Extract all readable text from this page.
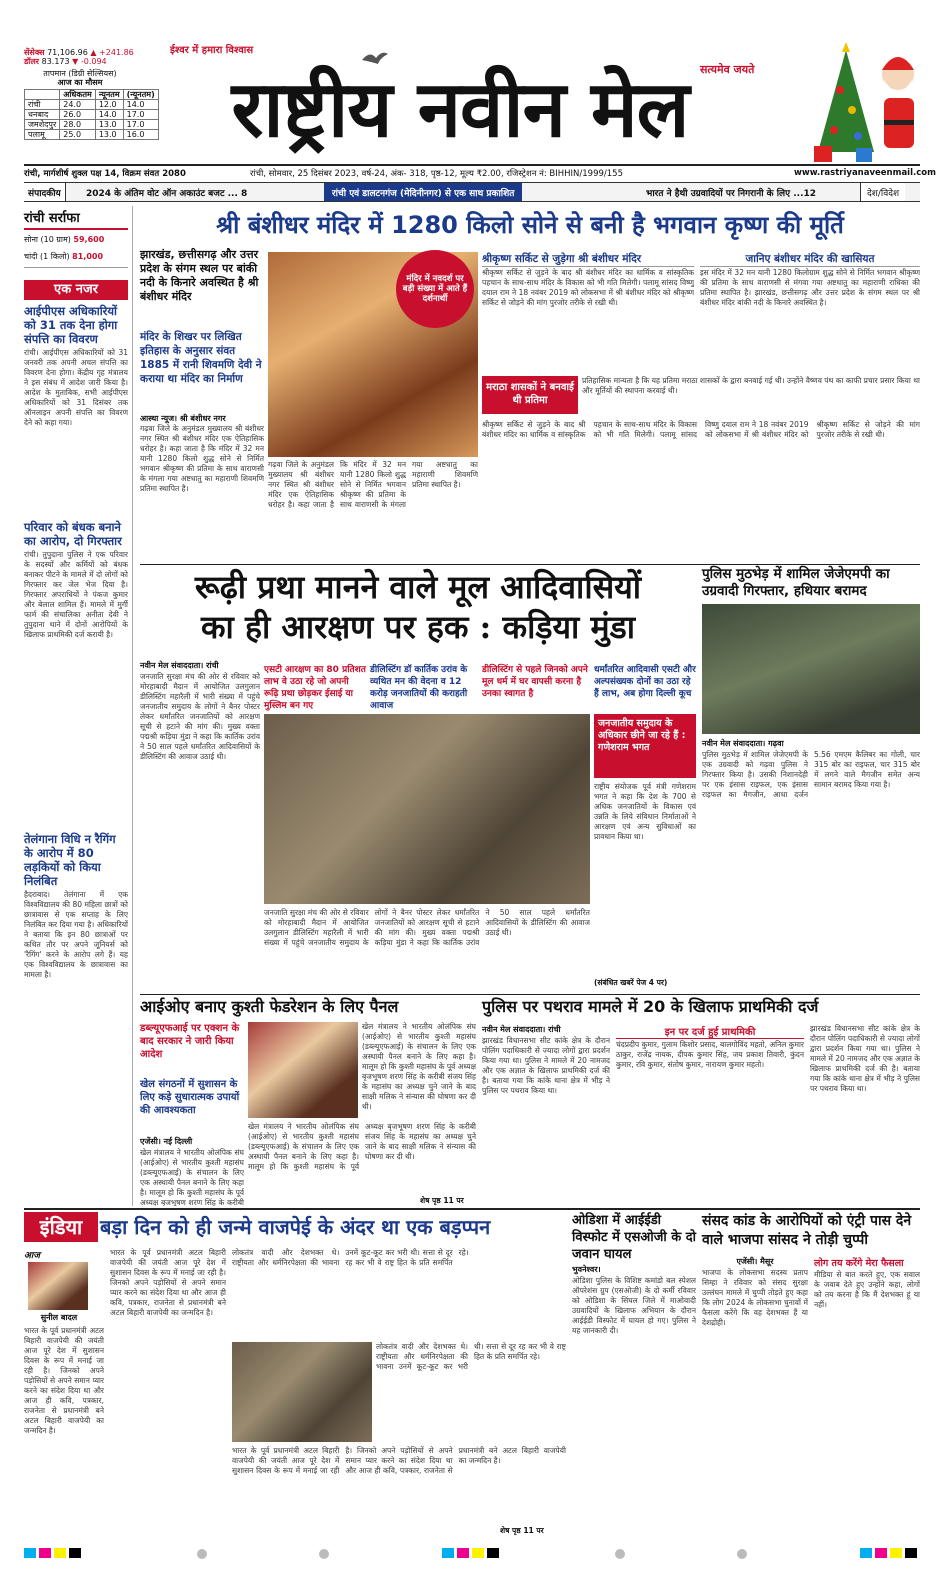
सेंसेक्स 71,106.96 ▲ +241.86
डॉलर 83.173 ▼ -0.094
तापमान (डिग्री सेल्सियस)
आज का मौसम
	अधिकतम	न्यूनतम	(न्यूनतम)
रांची	24.0	12.0	14.0
धनबाद	26.0	14.0	17.0
जमशेदपुर	28.0	13.0	17.0
पलामू	25.0	13.0	16.0
ईश्वर में हमारा विश्वास
राष्ट्रीय नवीन मेल	सत्यमेव जयते
रांची, मार्गशीर्ष शुक्ल पक्ष 14, विक्रम संवत 2080	रांची, सोमवार, 25 दिसंबर 2023, वर्ष-24, अंक- 318, पृष्ठ-12, मूल्य ₹2.00, रजिस्ट्रेशन नं: BIHHIN/1999/155	www.rastriyanaveenmail.com
संपादकीय	2024 के अंतिम वोट ऑन अकाउंट बजट ... 8	रांची एवं डालटनगंज (मेदिनीनगर) से एक साथ प्रकाशित	भारत ने हैथी उग्रवादियों पर निगरानी के लिए ...12	देश/विदेश
रांची सर्राफा
सोना (10 ग्राम) 59,600
चांदी (1 किलो) 81,000
एक नजर
आईपीएस अधिकारियों को 31 तक देना होगा संपत्ति का विवरण
रांची। आईपीएस अधिकारियों को 31 जनवरी तक अपनी अचल संपत्ति का विवरण देना होगा। केंद्रीय गृह मंत्रालय ने इस संबंध में आदेश जारी किया है। आदेश के मुताबिक, सभी आईपीएस अधिकारियों को 31 दिसंबर तक ऑनलाइन अपनी संपत्ति का विवरण देने को कहा गया।
परिवार को बंधक बनाने का आरोप, दो गिरफ्तार
रांची। तुपुदाना पुलिस ने एक परिवार के सदस्यों और कर्मियों को बंधक बनाकर पीटने के मामले में दो लोगों को गिरफ्तार कर जेल भेज दिया है। गिरफ्तार अपराधियों ने पंकज कुमार और बेलाल शामिल हैं। मामले में मुर्गी फार्म की संचालिका अनीता देवी ने तुपुदाना थाने में दोनों आरोपियों के खिलाफ प्राथमिकी दर्ज करायी है।
तेलंगाना विधि न रैगिंग के आरोप में 80 लड़कियों को किया निलंबित
हैदराबाद। तेलंगाना में एक विश्वविद्यालय की 80 महिला छात्रों को छात्रावास से एक सप्ताह के लिए निलंबित कर दिया गया है। अधिकारियों ने बताया कि इन 80 छात्राओं पर कथित तौर पर अपने जूनियर्स को 'रैगिंग' करने के आरोप लगे हैं। यह एक विश्वविद्यालय के छात्रावास का मामला है।
श्री बंशीधर मंदिर में 1280 किलो सोने से बनी है भगवान कृष्ण की मूर्ति
झारखंड, छत्तीसगढ़ और उत्तर प्रदेश के संगम स्थल पर बांकी नदी के किनारे अवस्थित है श्री बंशीधर मंदिर
मंदिर के शिखर पर लिखित इतिहास के अनुसार संवत 1885 में रानी शिवमणि देवी ने कराया था मंदिर का निर्माण
आस्था न्यूज। श्री बंशीधर नगर
गढ़वा जिले के अनुमंडल मुख्यालय श्री बंशीधर नगर स्थित श्री बंशीधर मंदिर एक ऐतिहासिक धरोहर है। कहा जाता है कि मंदिर में 32 मन यानी 1280 किलो शुद्ध सोने से निर्मित भगवान श्रीकृष्ण की प्रतिमा के साथ वाराणसी के मंगला गया अष्टधातु का महाराणी शिवमणि प्रतिमा स्थापित है।
मंदिर में नवदर्श पर बड़ी संख्या में आते हैं दर्शनार्थी
गढ़वा जिले के अनुमंडल मुख्यालय श्री बंशीधर नगर स्थित श्री बंशीधर मंदिर एक ऐतिहासिक धरोहर है। कहा जाता है कि मंदिर में 32 मन यानी 1280 किलो शुद्ध सोने से निर्मित भगवान श्रीकृष्ण की प्रतिमा के साथ वाराणसी के मंगला गया अष्टधातु का महाराणी शिवमणि प्रतिमा स्थापित है।
श्रीकृष्ण सर्किट से जुड़ेगा श्री बंशीधर मंदिर
श्रीकृष्ण सर्किट से जुड़ने के बाद श्री बंशीधर मंदिर का धार्मिक व सांस्कृतिक पहचान के साथ-साथ मंदिर के विकास को भी गति मिलेगी। पलामू सांसद विष्णु दयाल राम ने 18 नवंबर 2019 को लोकसभा में श्री बंशीधर मंदिर को श्रीकृष्ण सर्किट से जोड़ने की मांग पुरजोर तरीके से रखी थी।
जानिए बंशीधर मंदिर की खासियत
इस मंदिर में 32 मन यानी 1280 किलोग्राम शुद्ध सोने से निर्मित भगवान श्रीकृष्ण की प्रतिमा के साथ वाराणसी से मंगवा गया अष्टधातु का महाराणी राधिका की प्रतिमा स्थापित है। झारखंड, छत्तीसगढ़ और उत्तर प्रदेश के संगम स्थल पर श्री बंशीधर मंदिर बांकी नदी के किनारे अवस्थित है।
मराठा शासकों ने बनवाई थी प्रतिमा
प्रतिहासिक मान्यता है कि यह प्रतिमा मराठा शासकों के द्वारा बनवाई गई थी। उन्होंने वैष्णव पंथ का काफी प्रचार प्रसार किया था और मूर्तियों की स्थापना करवाई थी।
श्रीकृष्ण सर्किट से जुड़ने के बाद श्री बंशीधर मंदिर का धार्मिक व सांस्कृतिक पहचान के साथ-साथ मंदिर के विकास को भी गति मिलेगी। पलामू सांसद विष्णु दयाल राम ने 18 नवंबर 2019 को लोकसभा में श्री बंशीधर मंदिर को श्रीकृष्ण सर्किट से जोड़ने की मांग पुरजोर तरीके से रखी थी।
रूढ़ी प्रथा मानने वाले मूल आदिवासियों
का ही आरक्षण पर हक : कड़िया मुंडा
नवीन मेल संवाददाता। रांची
जनजाति सुरक्षा मंच की ओर से रविवार को मोरहाबादी मैदान में आयोजित उलगुलान डीलिस्टिंग महारैली में भारी संख्या में पहुंचे जनजातीय समुदाय के लोगों ने बैनर पोस्टर लेकर धर्मांतरित जनजातियों को आरक्षण सूची से हटाने की मांग की। मुख्य वक्ता पद्मश्री कड़िया मुंडा ने कहा कि कार्तिक उरांव ने 50 साल पहले धर्मांतरित आदिवासियों के डीलिस्टिंग की आवाज उठाई थी।
एसटी आरक्षण का 80 प्रतिशत लाभ वे उठा रहे जो अपनी रूढ़ि प्रथा छोड़कर ईसाई या मुस्लिम बन गए
डीलिस्टिंग डॉ कार्तिक उरांव के व्यथित मन की वेदना व 12 करोड़ जनजातियों की कराहती आवाज
डीलिस्टिंग से पहले जिनको अपने मूल धर्म में घर वापसी करना है उनका स्वागत है
धर्मांतरित आदिवासी एसटी और अल्पसंख्यक दोनों का उठा रहे हैं लाभ, अब होगा दिल्ली कूच
जनजाति सुरक्षा मंच की ओर से रविवार को मोरहाबादी मैदान में आयोजित उलगुलान डीलिस्टिंग महारैली में भारी संख्या में पहुंचे जनजातीय समुदाय के लोगों ने बैनर पोस्टर लेकर धर्मांतरित जनजातियों को आरक्षण सूची से हटाने की मांग की। मुख्य वक्ता पद्मश्री कड़िया मुंडा ने कहा कि कार्तिक उरांव ने 50 साल पहले धर्मांतरित आदिवासियों के डीलिस्टिंग की आवाज उठाई थी।
जनजातीय समुदाय के अधिकार छीने जा रहे हैं : गणेशराम भगत
राष्ट्रीय संयोजक पूर्व मंत्री गणेशराम भगत ने कहा कि देश के 700 से अधिक जनजातियों के विकास एवं उन्नति के लिये संविधान निर्माताओं ने आरक्षण एवं अन्य सुविधाओं का प्रावधान किया था।
(संबंधित खबरें पेज 4 पर)
पुलिस मुठभेड़ में शामिल जेजेएमपी का उग्रवादी गिरफ्तार, हथियार बरामद
नवीन मेल संवाददाता। गढ़वा
पुलिस मुठभेड़ में शामिल जेजेएमपी के एक उग्रवादी को गढ़वा पुलिस ने गिरफ्तार किया है। उसकी निशानदेही पर एक इंसास राइफल, एक इंसास राइफल का मैगजीन, आधा दर्जन 5.56 एमएम कैलिबर का गोली, चार 315 बोर का राइफल, चार 315 बोर में लगने वाले मैगजीन समेत अन्य सामान बरामद किया गया है।
आईओए बनाए कुश्ती फेडरेशन के लिए पैनल
डब्ल्यूएफआई पर एक्शन के बाद सरकार ने जारी किया आदेश
खेल संगठनों में सुशासन के लिए कड़े सुधारात्मक उपायों की आवश्यकता
एजेंसी। नई दिल्ली
खेल मंत्रालय ने भारतीय ओलंपिक संघ (आईओए) से भारतीय कुश्ती महासंघ (डब्ल्यूएफआई) के संचालन के लिए एक अस्थायी पैनल बनाने के लिए कहा है। मालूम हो कि कुश्ती महासंघ के पूर्व अध्यक्ष बृजभूषण शरण सिंह के करीबी
खेल मंत्रालय ने भारतीय ओलंपिक संघ (आईओए) से भारतीय कुश्ती महासंघ (डब्ल्यूएफआई) के संचालन के लिए एक अस्थायी पैनल बनाने के लिए कहा है। मालूम हो कि कुश्ती महासंघ के पूर्व अध्यक्ष बृजभूषण शरण सिंह के करीबी संजय सिंह के महासंघ का अध्यक्ष चुने जाने के बाद साक्षी मलिक ने संन्यास की घोषणा कर दी थी।
खेल मंत्रालय ने भारतीय ओलंपिक संघ (आईओए) से भारतीय कुश्ती महासंघ (डब्ल्यूएफआई) के संचालन के लिए एक अस्थायी पैनल बनाने के लिए कहा है। मालूम हो कि कुश्ती महासंघ के पूर्व अध्यक्ष बृजभूषण शरण सिंह के करीबी संजय सिंह के महासंघ का अध्यक्ष चुने जाने के बाद साक्षी मलिक ने संन्यास की घोषणा कर दी थी।
शेष पृष्ठ 11 पर
पुलिस पर पथराव मामले में 20 के खिलाफ प्राथमिकी दर्ज
नवीन मेल संवाददाता। रांची
झारखंड विधानसभा सीट कांके क्षेत्र के दौरान पोलिंग पदाधिकारी से ज्यादा लोगों द्वारा प्रदर्शन किया गया था। पुलिस ने मामले में 20 नामजद और एक अज्ञात के खिलाफ प्राथमिकी दर्ज की है। बताया गया कि कांके थाना क्षेत्र में भीड़ ने पुलिस पर पथराव किया था।
इन पर दर्ज हुई प्राथमिकी
चंदप्रदीप कुमार, गुलाम किशोर प्रसाद, बालगोविंद महतो, अनिल कुमार ठाकुर, राजेंद्र नायक, दीपक कुमार सिंह, जय प्रकाश तिवारी, कुंदन कुमार, रवि कुमार, संतोष कुमार, नारायण कुमार महतो।
झारखंड विधानसभा सीट कांके क्षेत्र के दौरान पोलिंग पदाधिकारी से ज्यादा लोगों द्वारा प्रदर्शन किया गया था। पुलिस ने मामले में 20 नामजद और एक अज्ञात के खिलाफ प्राथमिकी दर्ज की है। बताया गया कि कांके थाना क्षेत्र में भीड़ ने पुलिस पर पथराव किया था।
इंडिया बड़ा दिन को ही जन्मे वाजपेई के अंदर था एक बड़प्पन
आज
सुनील बादल
भारत के पूर्व प्रधानमंत्री अटल बिहारी वाजपेयी की जयंती आज पूरे देश में सुशासन दिवस के रूप में मनाई जा रही है। जिनको अपने पड़ोसियों से अपने समान प्यार करने का संदेश दिया था और आज ही कवि, पत्रकार, राजनेता से प्रधानमंत्री बने अटल बिहारी वाजपेयी का जन्मदिन है।
भारत के पूर्व प्रधानमंत्री अटल बिहारी वाजपेयी की जयंती आज पूरे देश में सुशासन दिवस के रूप में मनाई जा रही है। जिनको अपने पड़ोसियों से अपने समान प्यार करने का संदेश दिया था और आज ही कवि, पत्रकार, राजनेता से प्रधानमंत्री बने अटल बिहारी वाजपेयी का जन्मदिन है।
लोकतंत्र वादी और देशभक्त थे। राष्ट्रीयता और धर्मनिरपेक्षता की भावना उनमें कूट-कूट कर भरी थी। सत्ता से दूर रह कर भी वे राष्ट्र हित के प्रति समर्पित रहे।
भारत के पूर्व प्रधानमंत्री अटल बिहारी वाजपेयी की जयंती आज पूरे देश में सुशासन दिवस के रूप में मनाई जा रही है। जिनको अपने पड़ोसियों से अपने समान प्यार करने का संदेश दिया था और आज ही कवि, पत्रकार, राजनेता से प्रधानमंत्री बने अटल बिहारी वाजपेयी का जन्मदिन है।
लोकतंत्र वादी और देशभक्त थे। राष्ट्रीयता और धर्मनिरपेक्षता की भावना उनमें कूट-कूट कर भरी थी। सत्ता से दूर रह कर भी वे राष्ट्र हित के प्रति समर्पित रहे।
शेष पृष्ठ 11 पर
ओडिशा में आईईडी विस्फोट में एसओजी के दो जवान घायल
भुवनेश्वर।
ओडिशा पुलिस के विशिष्ट कमांडो बल स्पेशल ऑपरेशंस ग्रुप (एसओजी) के दो कर्मी रविवार को ओडिशा के सिंघल जिले में माओवादी उग्रवादियों के खिलाफ अभियान के दौरान आईईडी विस्फोट में घायल हो गए। पुलिस ने यह जानकारी दी।
संसद कांड के आरोपियों को एंट्री पास देने वाले भाजपा सांसद ने तोड़ी चुप्पी
एजेंसी। मैसूर
भाजपा के लोकसभा सदस्य प्रताप सिम्हा ने रविवार को संसद सुरक्षा उल्लंघन मामले में चुप्पी तोड़ते हुए कहा कि लोग 2024 के लोकसभा चुनावों में फैसला करेंगे कि वह देशभक्त हैं या देशद्रोही।
लोग तय करेंगे मेरा फैसला
मीडिया से बात करते हुए, एक सवाल के जवाब देते हुए उन्होंने कहा, लोगों को तय करना है कि मैं देशभक्त हूं या नहीं।
